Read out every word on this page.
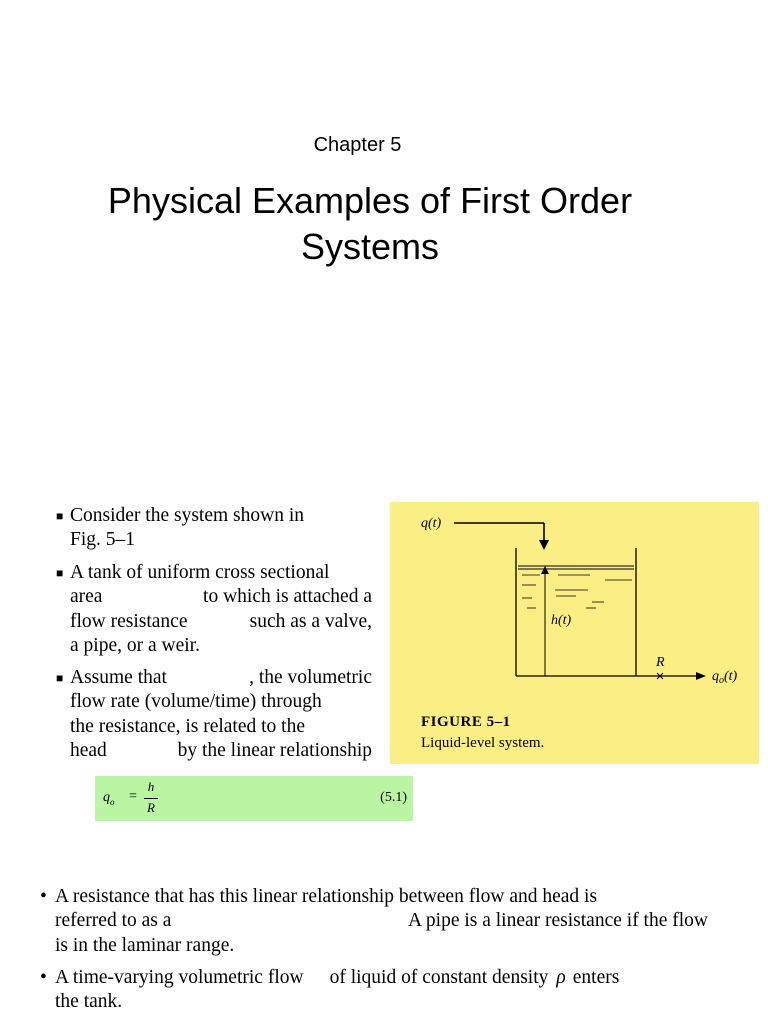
Chapter 5
Physical Examples of First Order
Systems
■ Consider the system shown in
Fig. 5–1
■ A tank of uniform cross sectional
area	to which is attached a
flow resistance	such as a valve,
a pipe, or a weir.
■ Assume that	, the volumetric
flow rate (volume/time) through
the resistance, is related to the
head	by the linear relationship
q(t)
h(t)
R
$q_o(t)$
FIGURE 5–1
Liquid-level system.
$q_o$ =
h
R
(5.1)
• A resistance that has this linear relationship between flow and head is
referred to as a	A pipe is a linear resistance if the flow
is in the laminar range.
• A time-varying volumetric flow of liquid of constant density ρ enters
the tank.
